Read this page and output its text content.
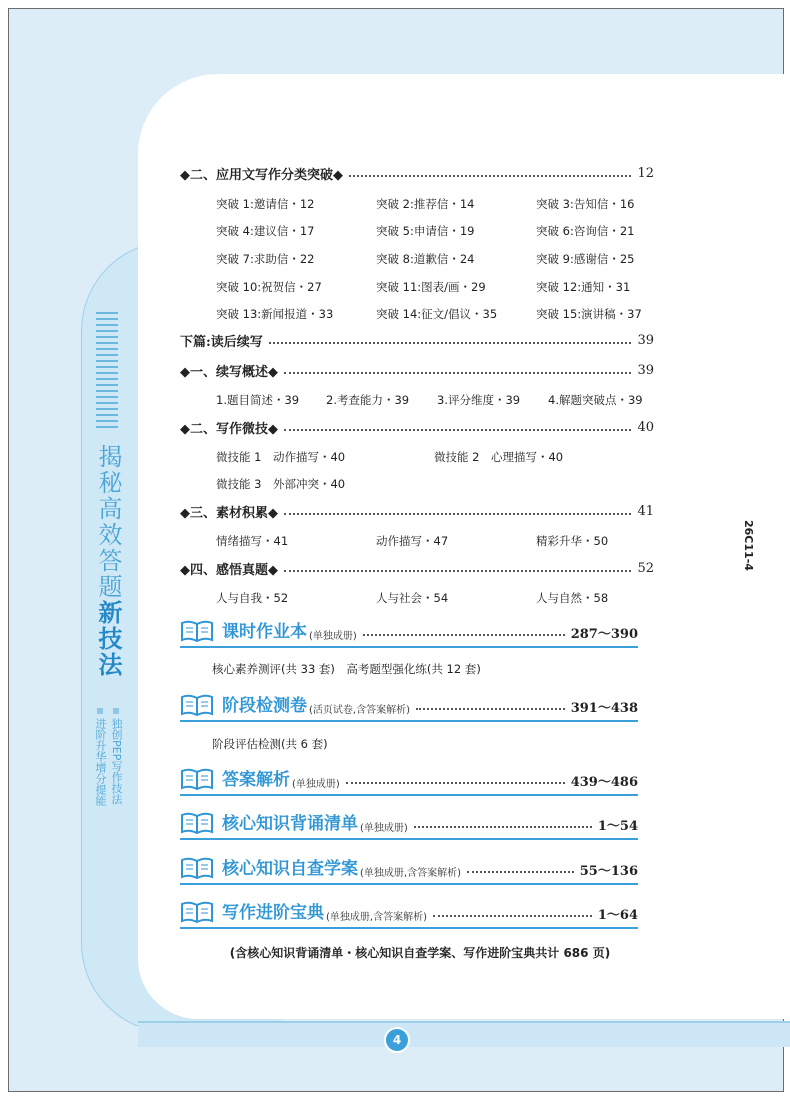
揭秘高效答题新技法
独创PEP写作技法
进阶升华增分提能
4
26C11-4
◆二、应用文写作分类突破◆	12
突破 1:邀请信・12	突破 2:推荐信・14	突破 3:告知信・16
突破 4:建议信・17	突破 5:申请信・19	突破 6:咨询信・21
突破 7:求助信・22	突破 8:道歉信・24	突破 9:感谢信・25
突破 10:祝贺信・27	突破 11:图表/画・29	突破 12:通知・31
突破 13:新闻报道・33	突破 14:征文/倡议・35	突破 15:演讲稿・37
下篇:读后续写	39
◆一、续写概述◆	39
1.题目简述・39 2.考查能力・39 3.评分维度・39 4.解题突破点・39
◆二、写作微技◆	40
微技能 1　动作描写・40	微技能 2　心理描写・40
微技能 3　外部冲突・40
◆三、素材积累◆	41
情绪描写・41	动作描写・47	精彩升华・50
◆四、感悟真题◆	52
人与自我・52	人与社会・54	人与自然・58
课时作业本 (单独成册)	287～390
核心素养测评(共 33 套)　高考题型强化练(共 12 套)
阶段检测卷 (活页试卷,含答案解析)	391～438
阶段评估检测(共 6 套)
答案解析 (单独成册)	439～486
核心知识背诵清单 (单独成册)	1～54
核心知识自查学案 (单独成册,含答案解析)	55～136
写作进阶宝典 (单独成册,含答案解析)	1～64
(含核心知识背诵清单・核心知识自查学案、写作进阶宝典共计 686 页)
